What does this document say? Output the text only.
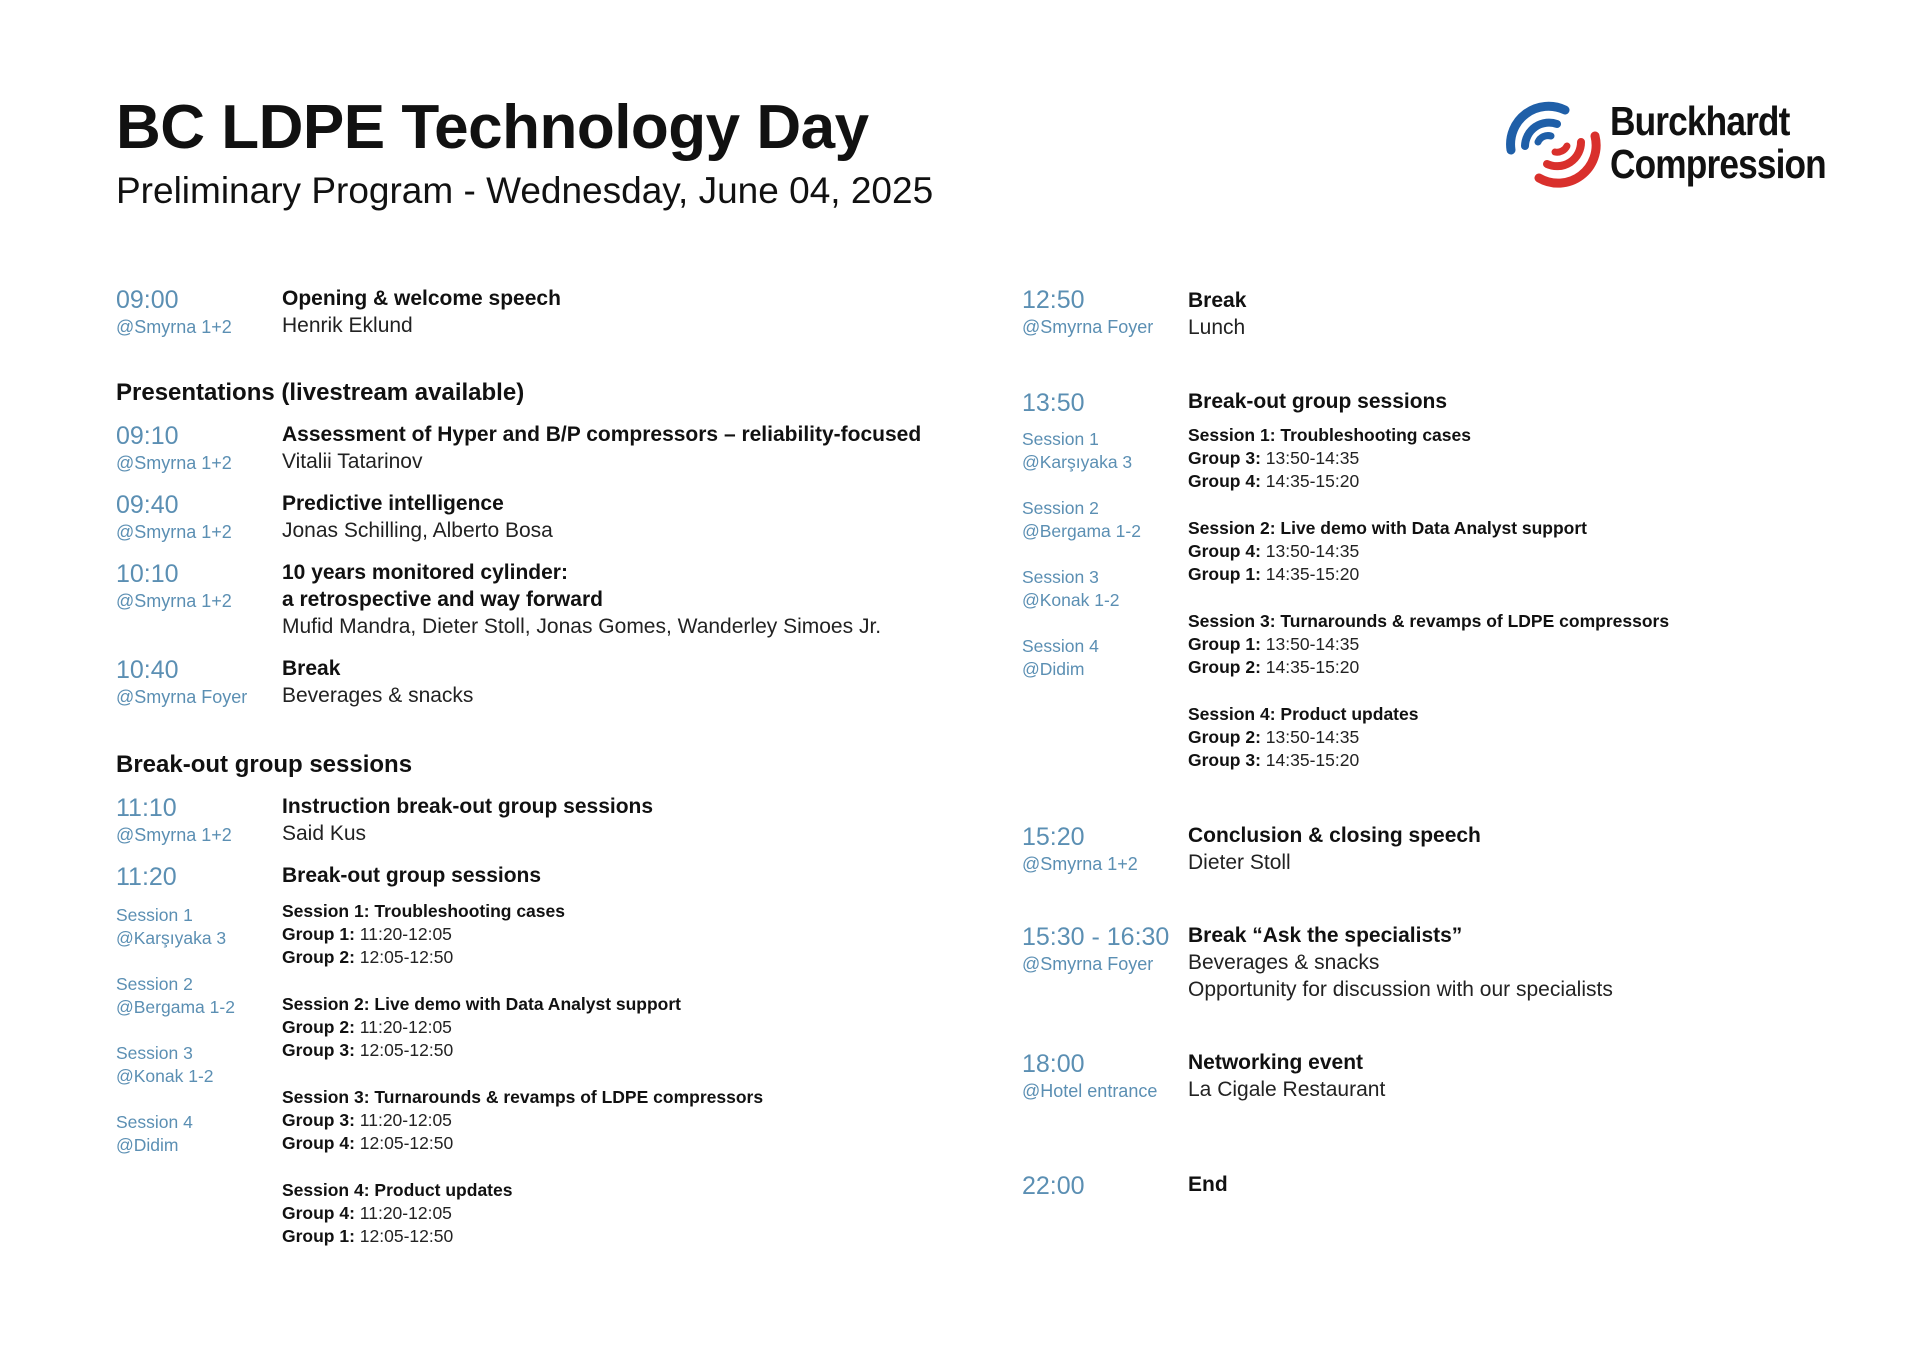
BC LDPE Technology Day
Preliminary Program - Wednesday, June 04, 2025
Burckhardt
Compression
09:00
@Smyrna 1+2
Opening & welcome speech
Henrik Eklund
Presentations (livestream available)
09:10
@Smyrna 1+2
Assessment of Hyper and B/P compressors – reliability-focused
Vitalii Tatarinov
09:40
@Smyrna 1+2
Predictive intelligence
Jonas Schilling, Alberto Bosa
10:10
@Smyrna 1+2
10 years monitored cylinder:
a retrospective and way forward
Mufid Mandra, Dieter Stoll, Jonas Gomes, Wanderley Simoes Jr.
10:40
@Smyrna Foyer
Break
Beverages & snacks
Break-out group sessions
11:10
@Smyrna 1+2
Instruction break-out group sessions
Said Kus
11:20
Session 1
@Karşıyaka 3
Session 2
@Bergama 1-2
Session 3
@Konak 1-2
Session 4
@Didim
Break-out group sessions
Session 1: Troubleshooting cases
Group 1: 11:20-12:05
Group 2: 12:05-12:50
Session 2: Live demo with Data Analyst support
Group 2: 11:20-12:05
Group 3: 12:05-12:50
Session 3: Turnarounds & revamps of LDPE compressors
Group 3: 11:20-12:05
Group 4: 12:05-12:50
Session 4: Product updates
Group 4: 11:20-12:05
Group 1: 12:05-12:50
12:50
@Smyrna Foyer
Break
Lunch
13:50
Session 1
@Karşıyaka 3
Session 2
@Bergama 1-2
Session 3
@Konak 1-2
Session 4
@Didim
Break-out group sessions
Session 1: Troubleshooting cases
Group 3: 13:50-14:35
Group 4: 14:35-15:20
Session 2: Live demo with Data Analyst support
Group 4: 13:50-14:35
Group 1: 14:35-15:20
Session 3: Turnarounds & revamps of LDPE compressors
Group 1: 13:50-14:35
Group 2: 14:35-15:20
Session 4: Product updates
Group 2: 13:50-14:35
Group 3: 14:35-15:20
15:20
@Smyrna 1+2
Conclusion & closing speech
Dieter Stoll
15:30 - 16:30
@Smyrna Foyer
Break “Ask the specialists”
Beverages & snacks
Opportunity for discussion with our specialists
18:00
@Hotel entrance
Networking event
La Cigale Restaurant
22:00	End
